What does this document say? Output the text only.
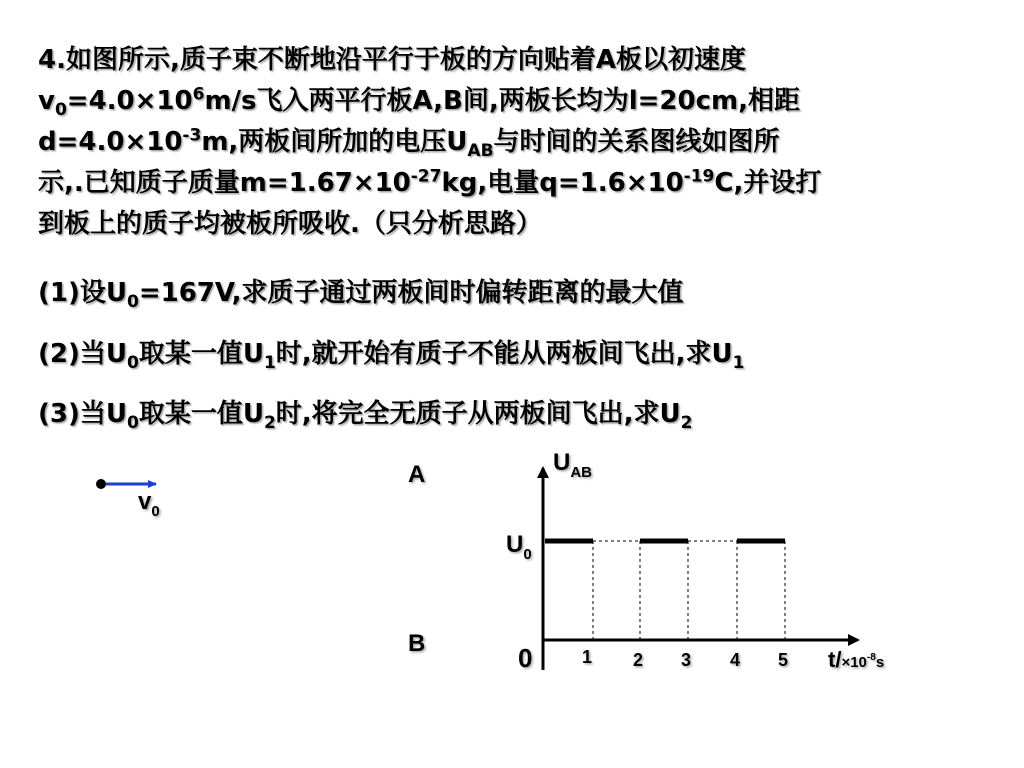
4.如图所示,质子束不断地沿平行于板的方向贴着A板以初速度

$v_0=4.0\times 10^6m/s$飞入两平行板A,B间,两板长均为l=20cm,相距

$d=4.0\times 10^{-3}m$,两板间所加的电压$U_{AB}$与时间的关系图线如图所

示,.已知质子质量$m=1.67\times 10^{-27}kg$,电量$q=1.6\times 10^{-19}C$,并设打

到板上的质子均被板所吸收.（只分析思路）

(1)设$U_0=167V$,求质子通过两板间时偏转距离的最大值
(2)当$U_0$取某一值$U_1$时,就开始有质子不能从两板间飞出,求$U_1$
(3)当$U_0$取某一值$U_2$时,将完全无质子从两板间飞出,求$U_2$
A
B
$v_0$
$U_{AB}$
$U_0$
0	1 2 3 4 5 $t/\times 10^{-8}_s$
